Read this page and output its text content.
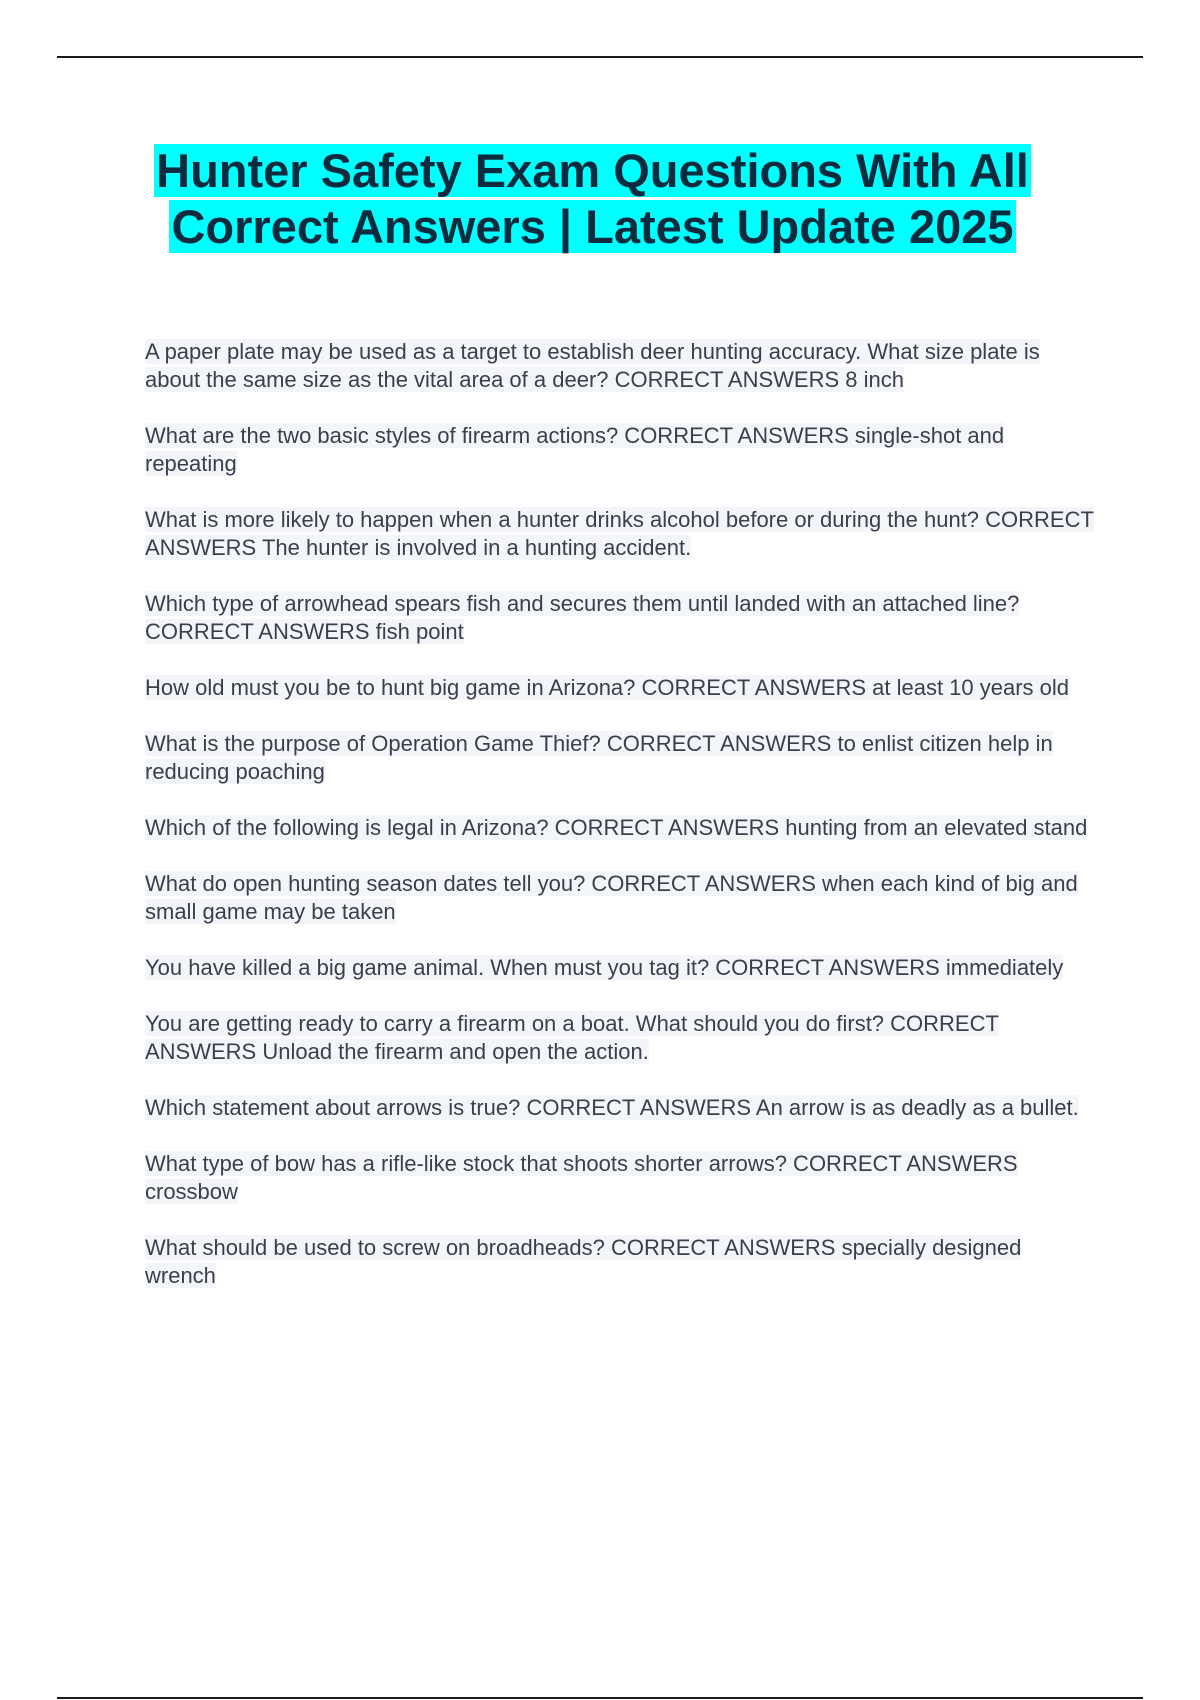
Hunter Safety Exam Questions With All Correct Answers | Latest Update 2025
A paper plate may be used as a target to establish deer hunting accuracy. What size plate is about the same size as the vital area of a deer? CORRECT ANSWERS 8 inch
What are the two basic styles of firearm actions? CORRECT ANSWERS single-shot and repeating
What is more likely to happen when a hunter drinks alcohol before or during the hunt? CORRECT ANSWERS The hunter is involved in a hunting accident.
Which type of arrowhead spears fish and secures them until landed with an attached line? CORRECT ANSWERS fish point
How old must you be to hunt big game in Arizona? CORRECT ANSWERS at least 10 years old
What is the purpose of Operation Game Thief? CORRECT ANSWERS to enlist citizen help in reducing poaching
Which of the following is legal in Arizona? CORRECT ANSWERS hunting from an elevated stand
What do open hunting season dates tell you? CORRECT ANSWERS when each kind of big and small game may be taken
You have killed a big game animal. When must you tag it? CORRECT ANSWERS immediately
You are getting ready to carry a firearm on a boat. What should you do first? CORRECT ANSWERS Unload the firearm and open the action.
Which statement about arrows is true? CORRECT ANSWERS An arrow is as deadly as a bullet.
What type of bow has a rifle-like stock that shoots shorter arrows? CORRECT ANSWERS crossbow
What should be used to screw on broadheads? CORRECT ANSWERS specially designed wrench
